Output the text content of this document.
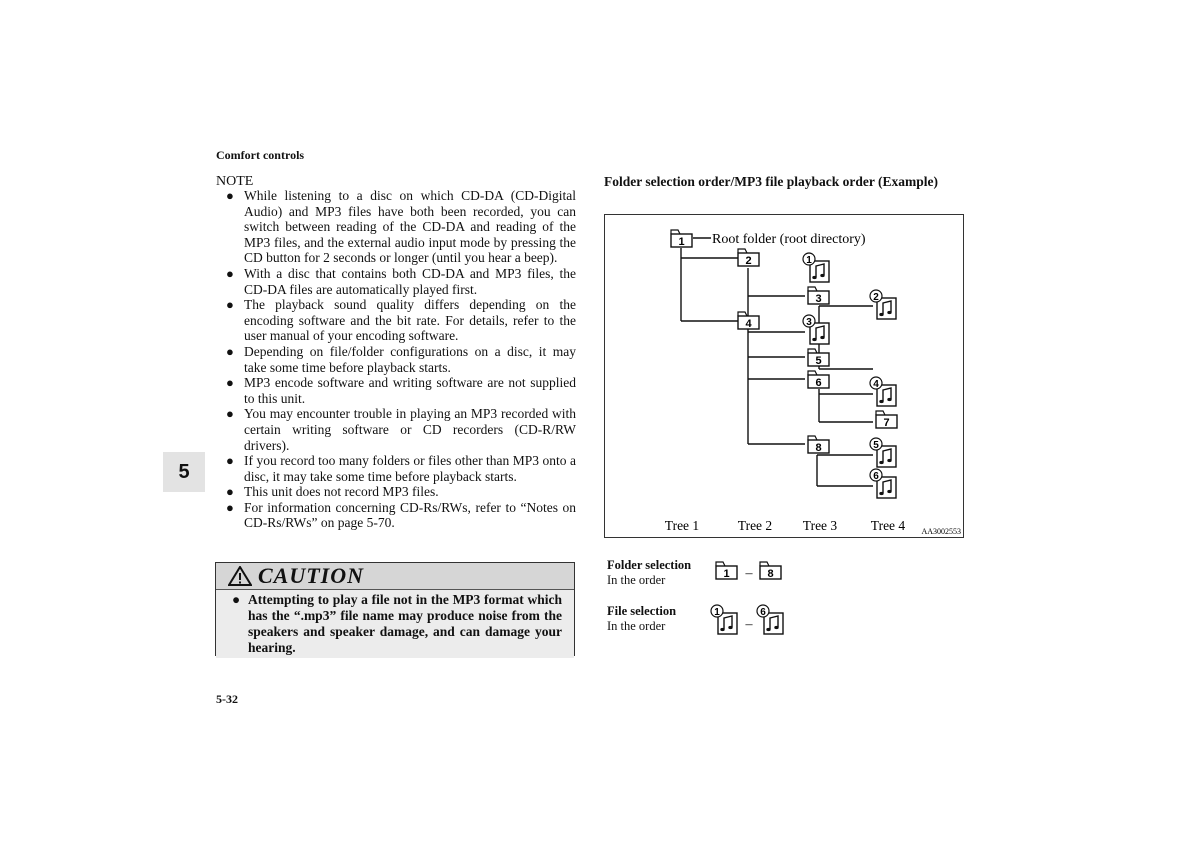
Comfort controls
NOTE
● While listening to a disc on which CD-DA (CD-Digital Audio) and MP3 files have both been recorded, you can switch between reading of the CD-DA and reading of the MP3 files, and the external audio input mode by pressing the CD button for 2 seconds or longer (until you hear a beep).
● With a disc that contains both CD-DA and MP3 files, the CD-DA files are automatically played first.
● The playback sound quality differs depending on the encoding software and the bit rate. For details, refer to the user manual of your encoding software.
● Depending on file/folder configurations on a disc, it may take some time before playback starts.
● MP3 encode software and writing software are not supplied to this unit.
● You may encounter trouble in playing an MP3 recorded with certain writing software or CD recorders (CD-R/RW drivers).
● If you record too many folders or files other than MP3 onto a disc, it may take some time before playback starts.
● This unit does not record MP3 files.
● For information concerning CD-Rs/RWs, refer to “Notes on CD-Rs/RWs” on page 5-70.
5
CAUTION
● Attempting to play a file not in the MP3 format which has the “.mp3” file name may produce noise from the speakers and speaker damage, and can damage your hearing.
5-32
Folder selection order/MP3 file playback order (Example)
1
2
3
4
5
6
7
8
1
2
3
4
5
6
Root folder (root directory)
Tree 1	Tree 2 Tree 3 Tree 4 AA3002553
Folder selection
In the order
File selection
In the order
1	8
–
1	6
–
